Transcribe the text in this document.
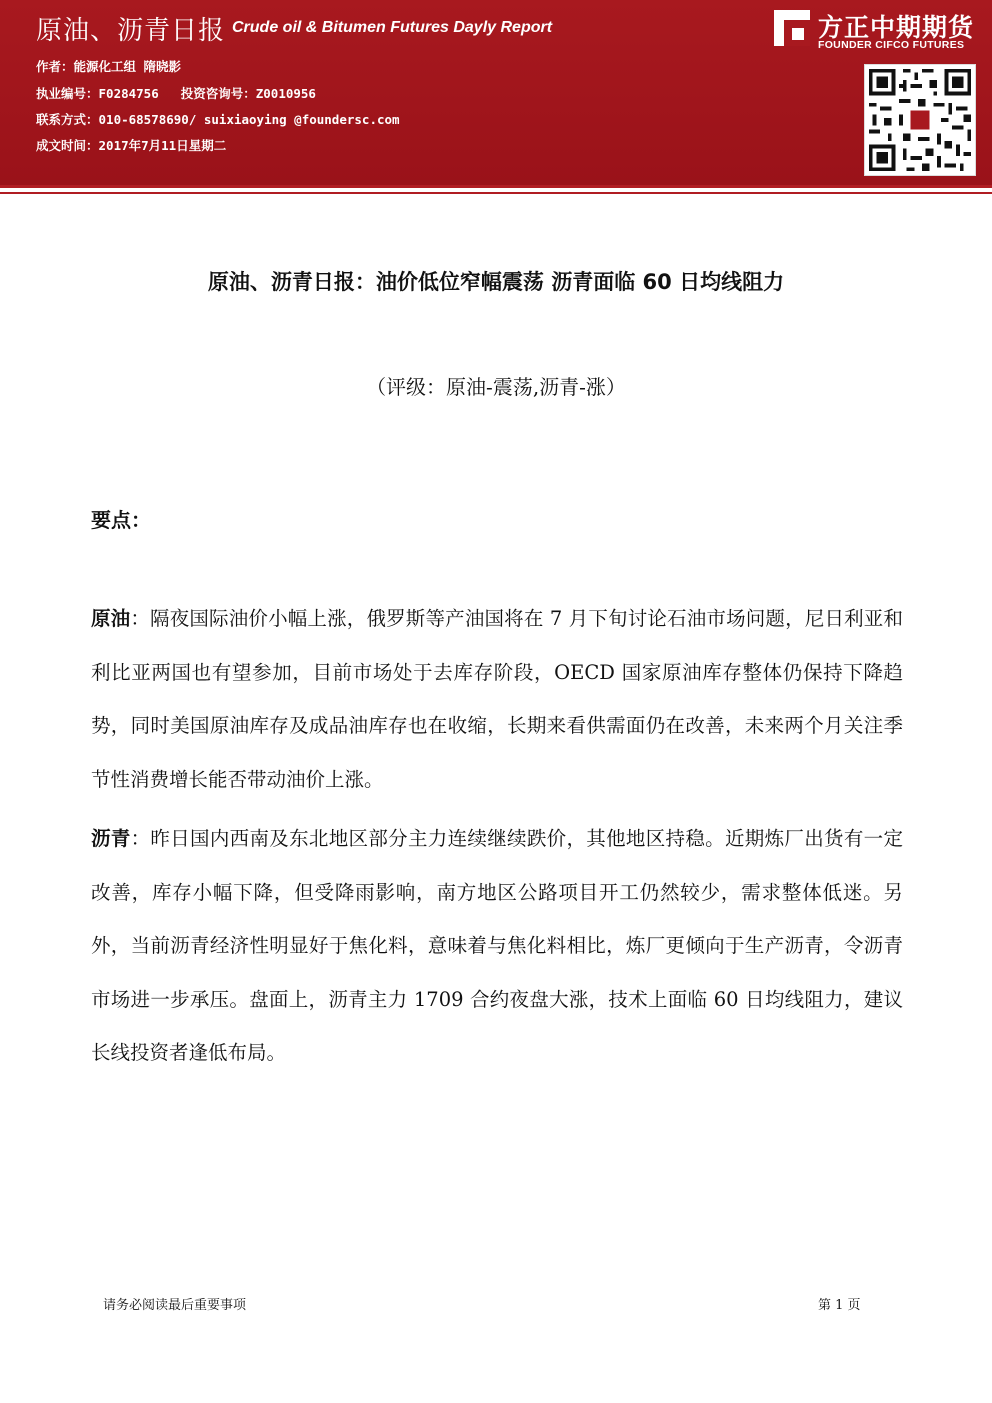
原油、沥青日报 Crude oil & Bitumen Futures Dayly Report
作者：能源化工组 隋晓影
执业编号：F0284756 投资咨询号：Z0010956
联系方式：010-68578690/ suixiaoying @foundersc.com
成文时间：2017年7月11日星期二
方正中期期货
FOUNDER CIFCO FUTURES
原油、沥青日报：油价低位窄幅震荡 沥青面临 60 日均线阻力
（评级：原油-震荡,沥青-涨）
要点：
原油：隔夜国际油价小幅上涨，俄罗斯等产油国将在 7 月下旬讨论石油市场问题，尼日利亚和利比亚两国也有望参加，目前市场处于去库存阶段，OECD 国家原油库存整体仍保持下降趋势，同时美国原油库存及成品油库存也在收缩，长期来看供需面仍在改善，未来两个月关注季节性消费增长能否带动油价上涨。
沥青：昨日国内西南及东北地区部分主力连续继续跌价，其他地区持稳。近期炼厂出货有一定改善，库存小幅下降，但受降雨影响，南方地区公路项目开工仍然较少，需求整体低迷。另外，当前沥青经济性明显好于焦化料，意味着与焦化料相比，炼厂更倾向于生产沥青，令沥青市场进一步承压。盘面上，沥青主力 1709 合约夜盘大涨，技术上面临 60 日均线阻力，建议长线投资者逢低布局。
请务必阅读最后重要事项	第 1 页
